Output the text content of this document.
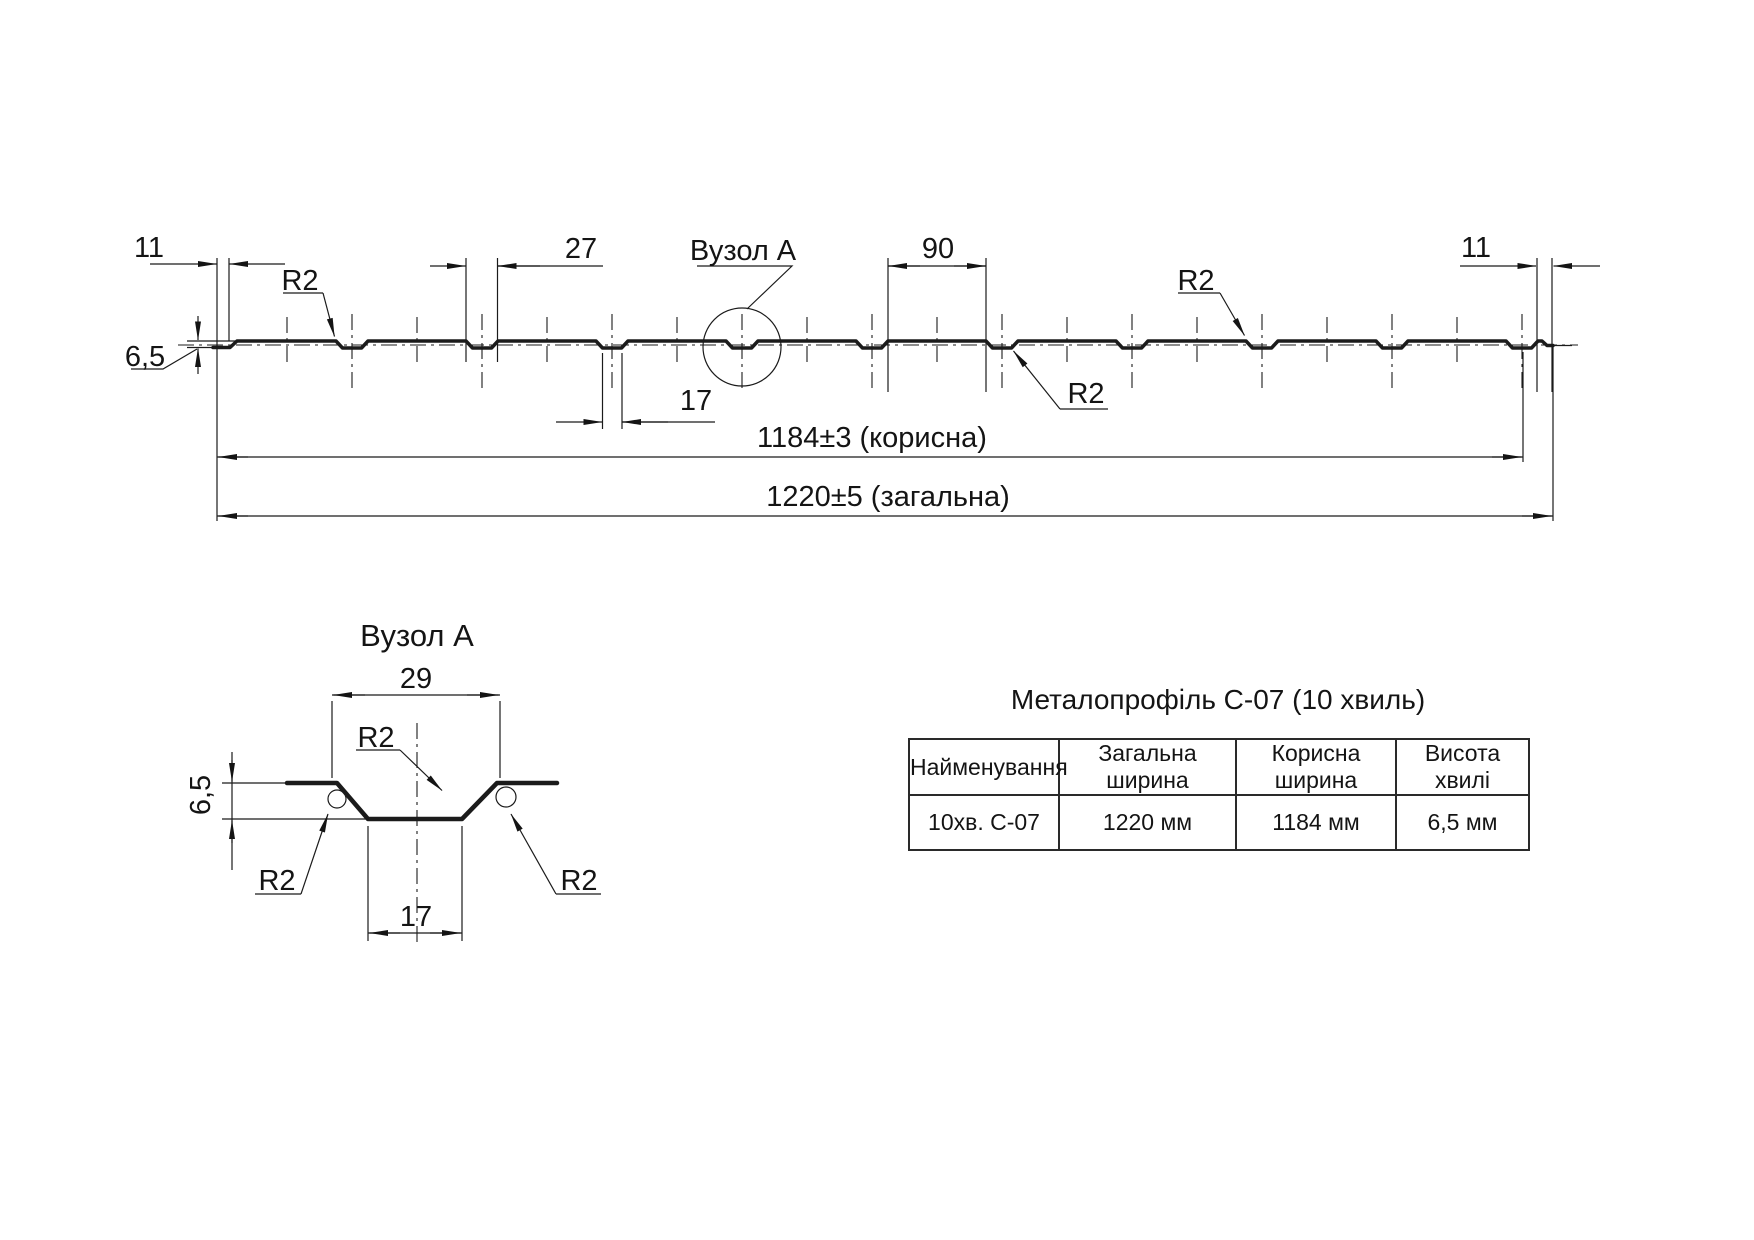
11
R2
27	Вузол А	90
R2
11
6,5
R2
17
1184±3 (корисна)
1220±5 (загальна)
Вузол А
29
R2
6,5
R2	R2
17
Металопрофіль С-07 (10 хвиль)
Найменування	Загальна ширина	Корисна ширина	Висота хвилі
10хв. С-07	1220 мм	1184 мм	6,5 мм
